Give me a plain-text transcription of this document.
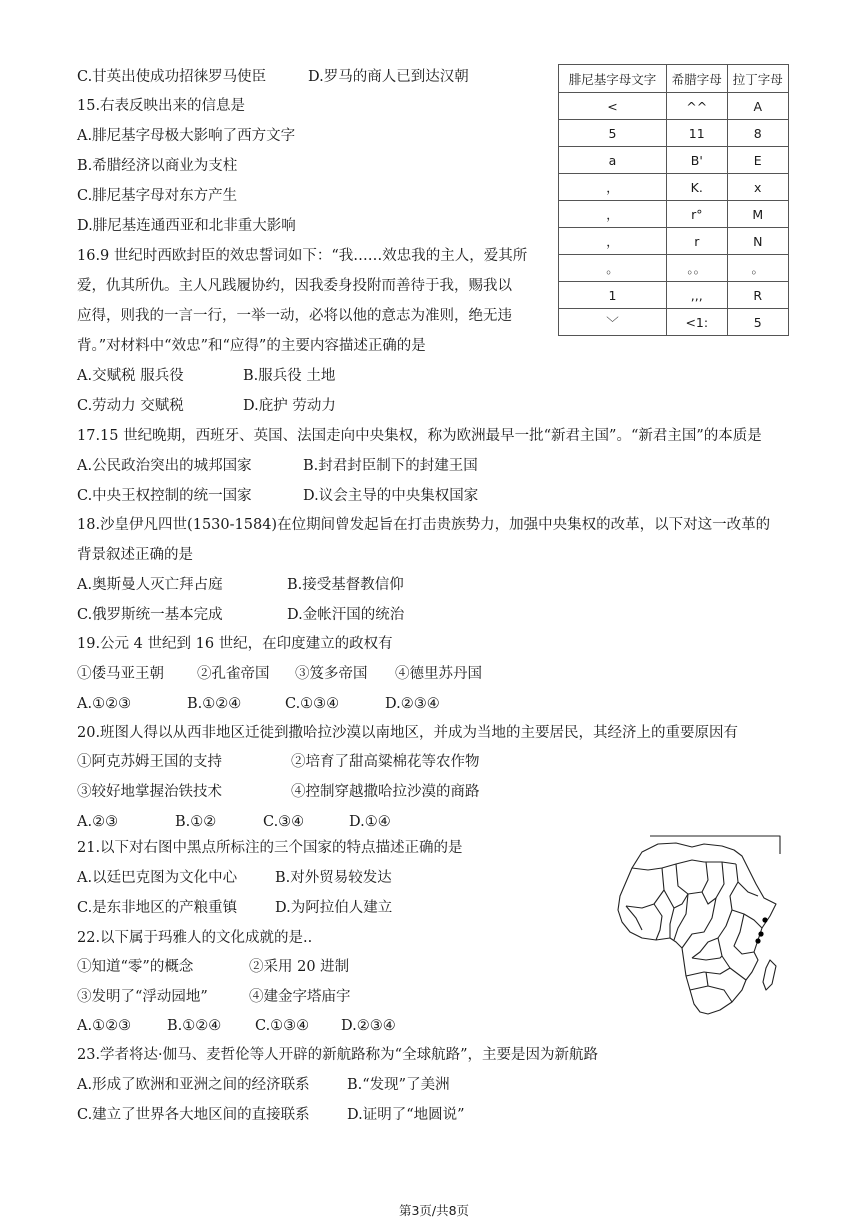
C.甘英出使成功招徕罗马使臣	D.罗马的商人已到达汉朝
15.右表反映出来的信息是
A.腓尼基字母极大影响了西方文字
B.希腊经济以商业为支柱
C.腓尼基字母对东方产生
D.腓尼基连通西亚和北非重大影响
16.9 世纪时西欧封臣的效忠誓词如下：“我……效忠我的主人，爱其所
爱，仇其所仇。主人凡践履协约，因我委身投附而善待于我，赐我以
应得，则我的一言一行，一举一动，必将以他的意志为准则，绝无违
背。”对材料中“效忠”和“应得”的主要内容描述正确的是
A.交赋税 服兵役	B.服兵役 土地
C.劳动力 交赋税	D.庇护 劳动力
17.15 世纪晚期，西班牙、英国、法国走向中央集权，称为欧洲最早一批“新君主国”。“新君主国”的本质是
A.公民政治突出的城邦国家	B.封君封臣制下的封建王国
C.中央王权控制的统一国家	D.议会主导的中央集权国家
18.沙皇伊凡四世(1530-1584)在位期间曾发起旨在打击贵族势力，加强中央集权的改革，以下对这一改革的
背景叙述正确的是
A.奥斯曼人灭亡拜占庭	B.接受基督教信仰
C.俄罗斯统一基本完成	D.金帐汗国的统治
19.公元 4 世纪到 16 世纪，在印度建立的政权有
①倭马亚王朝 ②孔雀帝国 ③笈多帝国 ④德里苏丹国
A.①②③	B.①②④	C.①③④	D.②③④
20.班图人得以从西非地区迁徙到撒哈拉沙漠以南地区，并成为当地的主要居民，其经济上的重要原因有
①阿克苏姆王国的支持	②培育了甜高粱棉花等农作物
③较好地掌握治铁技术	④控制穿越撒哈拉沙漠的商路
A.②③	B.①②	C.③④	D.①④
21.以下对右图中黑点所标注的三个国家的特点描述正确的是
A.以廷巴克图为文化中心	B.对外贸易较发达
C.是东非地区的产粮重镇	D.为阿拉伯人建立
22.以下属于玛雅人的文化成就的是..
①知道“零”的概念	②采用 20 进制
③发明了“浮动园地”	④建金字塔庙宇
A.①②③ B.①②④ C.①③④ D.②③④
23.学者将达·伽马、麦哲伦等人开辟的新航路称为“全球航路”，主要是因为新航路
A.形成了欧洲和亚洲之间的经济联系	B.“发现”了美洲
C.建立了世界各大地区间的直接联系	D.证明了“地圆说”
腓尼基字母文字	希腊字母	拉丁字母
<	^^	A
5	11	8
a	B'	E
，	K.	x
，	r°	M
，	r	N
。	。。	。
1	,,,	R
﹀	<1:	5
第3页/共8页
